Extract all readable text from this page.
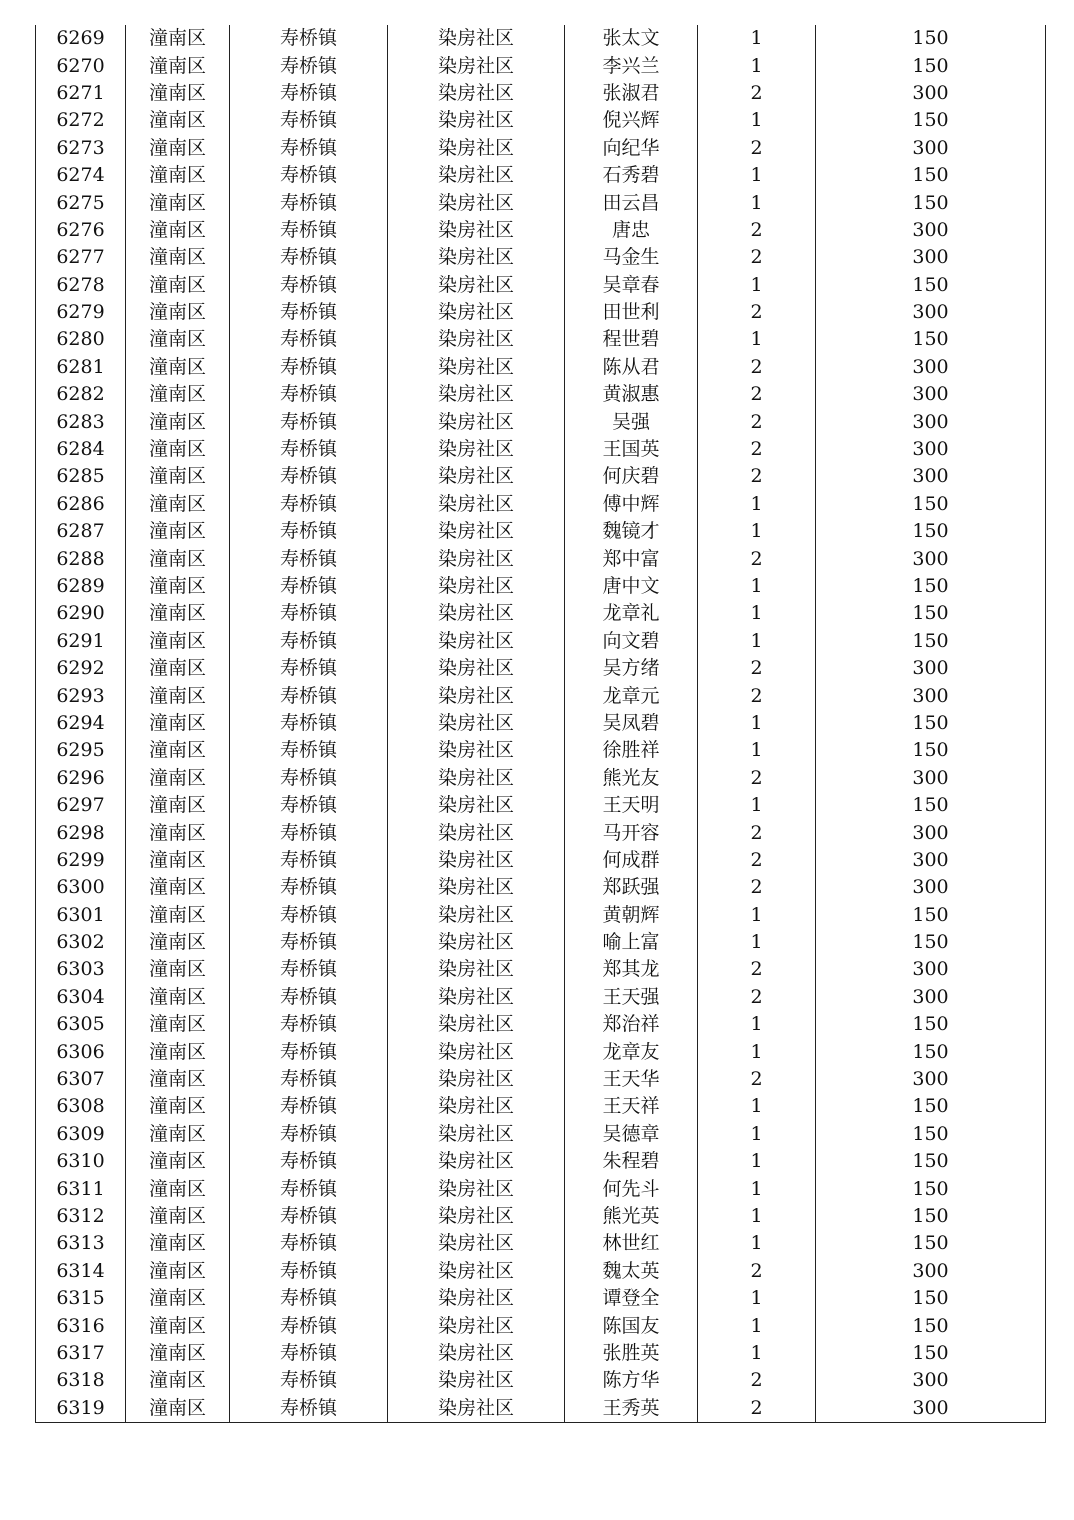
6269	潼南区	寿桥镇	染房社区	张太文	1	150
6270	潼南区	寿桥镇	染房社区	李兴兰	1	150
6271	潼南区	寿桥镇	染房社区	张淑君	2	300
6272	潼南区	寿桥镇	染房社区	倪兴辉	1	150
6273	潼南区	寿桥镇	染房社区	向纪华	2	300
6274	潼南区	寿桥镇	染房社区	石秀碧	1	150
6275	潼南区	寿桥镇	染房社区	田云昌	1	150
6276	潼南区	寿桥镇	染房社区	唐忠	2	300
6277	潼南区	寿桥镇	染房社区	马金生	2	300
6278	潼南区	寿桥镇	染房社区	吴章春	1	150
6279	潼南区	寿桥镇	染房社区	田世利	2	300
6280	潼南区	寿桥镇	染房社区	程世碧	1	150
6281	潼南区	寿桥镇	染房社区	陈从君	2	300
6282	潼南区	寿桥镇	染房社区	黄淑惠	2	300
6283	潼南区	寿桥镇	染房社区	吴强	2	300
6284	潼南区	寿桥镇	染房社区	王国英	2	300
6285	潼南区	寿桥镇	染房社区	何庆碧	2	300
6286	潼南区	寿桥镇	染房社区	傅中辉	1	150
6287	潼南区	寿桥镇	染房社区	魏镜才	1	150
6288	潼南区	寿桥镇	染房社区	郑中富	2	300
6289	潼南区	寿桥镇	染房社区	唐中文	1	150
6290	潼南区	寿桥镇	染房社区	龙章礼	1	150
6291	潼南区	寿桥镇	染房社区	向文碧	1	150
6292	潼南区	寿桥镇	染房社区	吴方绪	2	300
6293	潼南区	寿桥镇	染房社区	龙章元	2	300
6294	潼南区	寿桥镇	染房社区	吴凤碧	1	150
6295	潼南区	寿桥镇	染房社区	徐胜祥	1	150
6296	潼南区	寿桥镇	染房社区	熊光友	2	300
6297	潼南区	寿桥镇	染房社区	王天明	1	150
6298	潼南区	寿桥镇	染房社区	马开容	2	300
6299	潼南区	寿桥镇	染房社区	何成群	2	300
6300	潼南区	寿桥镇	染房社区	郑跃强	2	300
6301	潼南区	寿桥镇	染房社区	黄朝辉	1	150
6302	潼南区	寿桥镇	染房社区	喻上富	1	150
6303	潼南区	寿桥镇	染房社区	郑其龙	2	300
6304	潼南区	寿桥镇	染房社区	王天强	2	300
6305	潼南区	寿桥镇	染房社区	郑治祥	1	150
6306	潼南区	寿桥镇	染房社区	龙章友	1	150
6307	潼南区	寿桥镇	染房社区	王天华	2	300
6308	潼南区	寿桥镇	染房社区	王天祥	1	150
6309	潼南区	寿桥镇	染房社区	吴德章	1	150
6310	潼南区	寿桥镇	染房社区	朱程碧	1	150
6311	潼南区	寿桥镇	染房社区	何先斗	1	150
6312	潼南区	寿桥镇	染房社区	熊光英	1	150
6313	潼南区	寿桥镇	染房社区	林世红	1	150
6314	潼南区	寿桥镇	染房社区	魏太英	2	300
6315	潼南区	寿桥镇	染房社区	谭登全	1	150
6316	潼南区	寿桥镇	染房社区	陈国友	1	150
6317	潼南区	寿桥镇	染房社区	张胜英	1	150
6318	潼南区	寿桥镇	染房社区	陈方华	2	300
6319	潼南区	寿桥镇	染房社区	王秀英	2	300
